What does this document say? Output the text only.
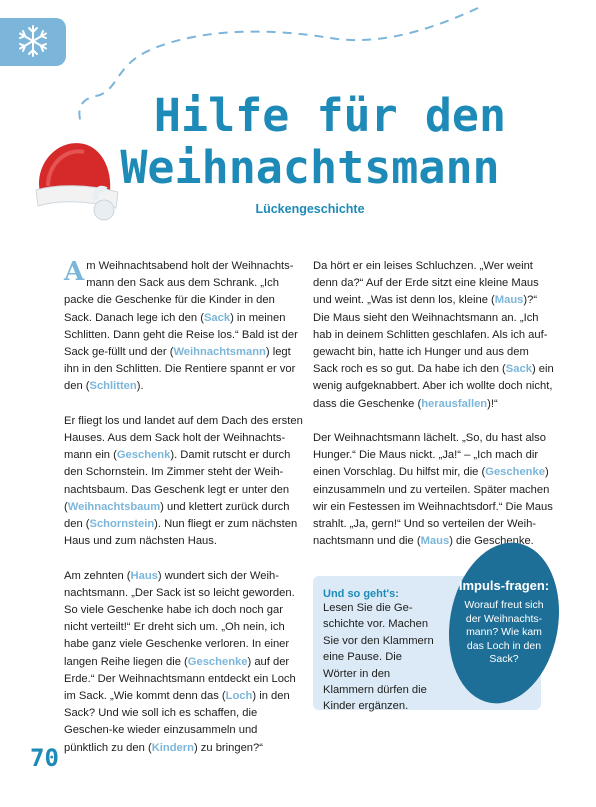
Hilfe für den
Weihnachtsmann
Lückengeschichte

Am Weihnachtsabend holt der Weihnachts-mann den Sack aus dem Schrank. „Ich packe die Geschenke für die Kinder in den Sack. Danach lege ich den (Sack) in meinen Schlitten. Dann geht die Reise los.“ Bald ist der Sack ge-füllt und der (Weihnachtsmann) legt ihn in den Schlitten. Die Rentiere spannt er vor den (Schlitten).

Er fliegt los und landet auf dem Dach des ersten Hauses. Aus dem Sack holt der Weihnachts-mann ein (Geschenk). Damit rutscht er durch den Schornstein. Im Zimmer steht der Weih-nachtsbaum. Das Geschenk legt er unter den (Weihnachtsbaum) und klettert zurück durch den (Schornstein). Nun fliegt er zum nächsten Haus und zum nächsten Haus.

Am zehnten (Haus) wundert sich der Weih-nachtsmann. „Der Sack ist so leicht geworden. So viele Geschenke habe ich doch noch gar nicht verteilt!“ Er dreht sich um. „Oh nein, ich habe ganz viele Geschenke verloren. In einer langen Reihe liegen die (Geschenke) auf der Erde.“ Der Weihnachtsmann entdeckt ein Loch im Sack. „Wie kommt denn das (Loch) in den Sack? Und wie soll ich es schaffen, die Geschen-ke wieder einzusammeln und pünktlich zu den (Kindern) zu bringen?“

Da hört er ein leises Schluchzen. „Wer weint denn da?“ Auf der Erde sitzt eine kleine Maus und weint. „Was ist denn los, kleine (Maus)?“ Die Maus sieht den Weihnachtsmann an. „Ich hab in deinem Schlitten geschlafen. Als ich auf-gewacht bin, hatte ich Hunger und aus dem Sack roch es so gut. Da habe ich den (Sack) ein wenig aufgeknabbert. Aber ich wollte doch nicht, dass die Geschenke (herausfallen)!“

Der Weihnachtsmann lächelt. „So, du hast also Hunger.“ Die Maus nickt. „Ja!“ – „Ich mach dir einen Vorschlag. Du hilfst mir, die (Geschenke) einzusammeln und zu verteilen. Später machen wir ein Festessen im Weihnachtsdorf.“ Die Maus strahlt. „Ja, gern!“ Und so verteilen der Weih-nachtsmann und die (Maus) die Geschenke.

Und so geht's:
Lesen Sie die Ge-schichte vor. Machen Sie vor den Klammern eine Pause. Die Wörter in den Klammern dürfen die Kinder ergänzen.
Impuls-fragen:
Worauf freut sich der Weihnachts-mann? Wie kam das Loch in den Sack?
70
